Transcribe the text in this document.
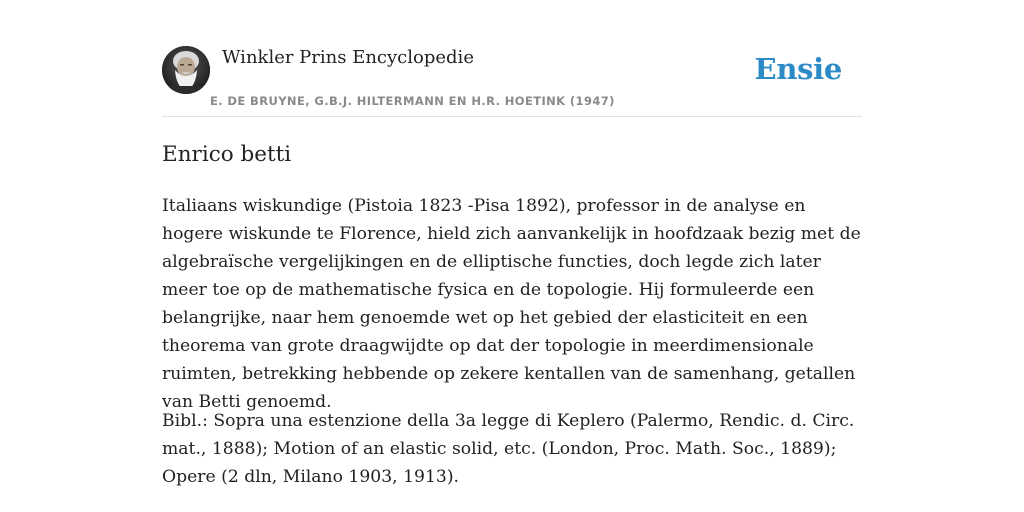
Winkler Prins Encyclopedie
E. DE BRUYNE, G.B.J. HILTERMANN EN H.R. HOETINK (1947)
Ensie
Enrico betti

Italiaans wiskundige (Pistoia 1823 -Pisa 1892), professor in de analyse en hogere wiskunde te Florence, hield zich aanvankelijk in hoofdzaak bezig met de algebraïsche vergelijkingen en de elliptische functies, doch legde zich later meer toe op de mathematische fysica en de topologie. Hij formuleerde een belangrijke, naar hem genoemde wet op het gebied der elasticiteit en een theorema van grote draagwijdte op dat der topologie in meerdimensionale ruimten, betrekking hebbende op zekere kentallen van de samenhang, getallen van Betti genoemd.

Bibl.: Sopra una estenzione della 3a legge di Keplero (Palermo, Rendic. d. Circ. mat., 1888); Motion of an elastic solid, etc. (London, Proc. Math. Soc., 1889); Opere (2 dln, Milano 1903, 1913).
